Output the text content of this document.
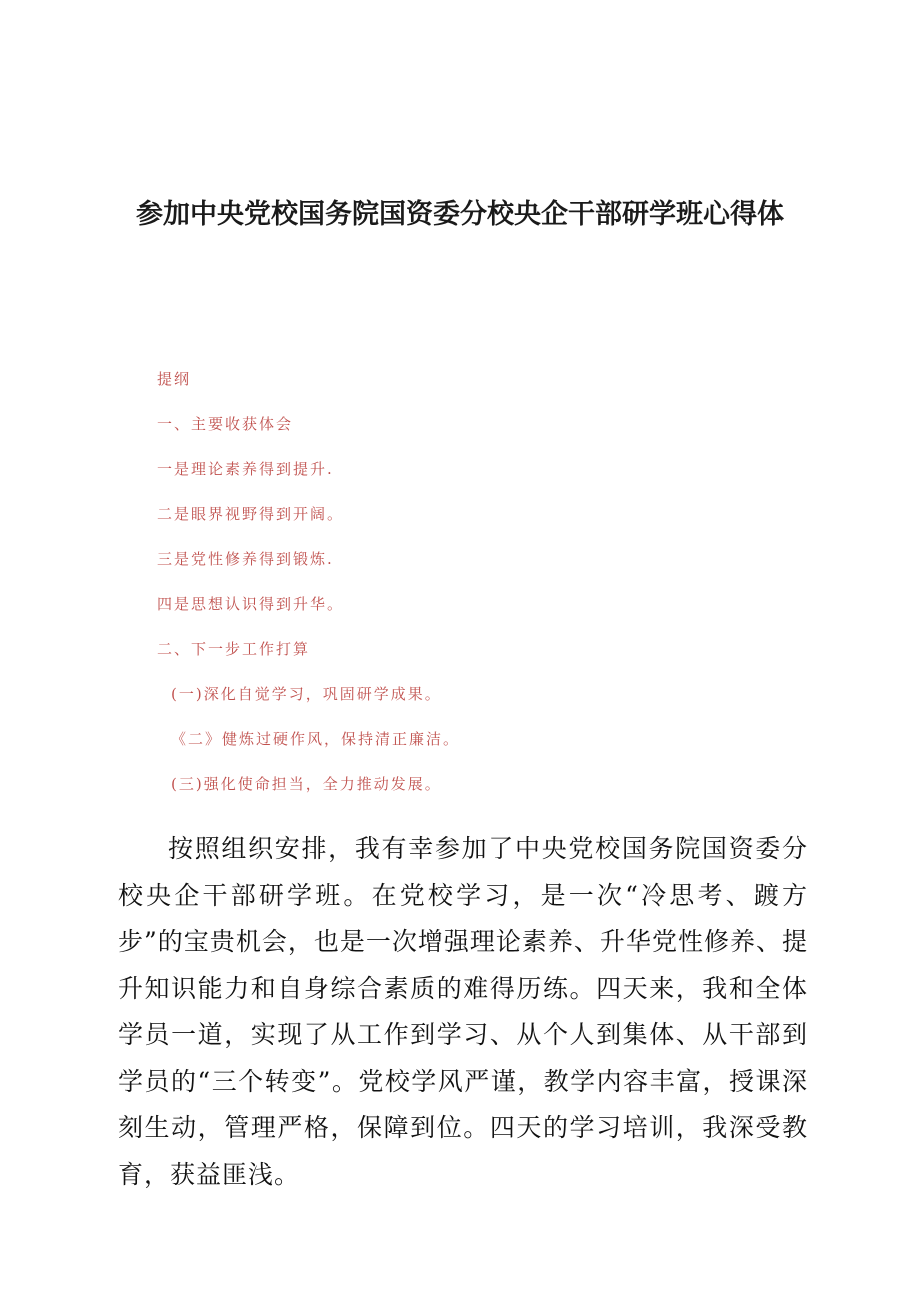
参加中央党校国务院国资委分校央企干部研学班心得体
提纲
一、主要收获体会
一是理论素养得到提升.
二是眼界视野得到开阔。
三是党性修养得到锻炼.
四是思想认识得到升华。
二、下一步工作打算
(一)深化自觉学习，巩固研学成果。
《二》健炼过硬作风，保持清正廉洁。
(三)强化使命担当，全力推动发展。

按照组织安排，我有幸参加了中央党校国务院国资委分校央企干部研学班。在党校学习，是一次“冷思考、踱方步”的宝贵机会，也是一次增强理论素养、升华党性修养、提升知识能力和自身综合素质的难得历练。四天来，我和全体学员一道，实现了从工作到学习、从个人到集体、从干部到学员的“三个转变”。党校学风严谨，教学内容丰富，授课深刻生动，管理严格，保障到位。四天的学习培训，我深受教育，获益匪浅。
